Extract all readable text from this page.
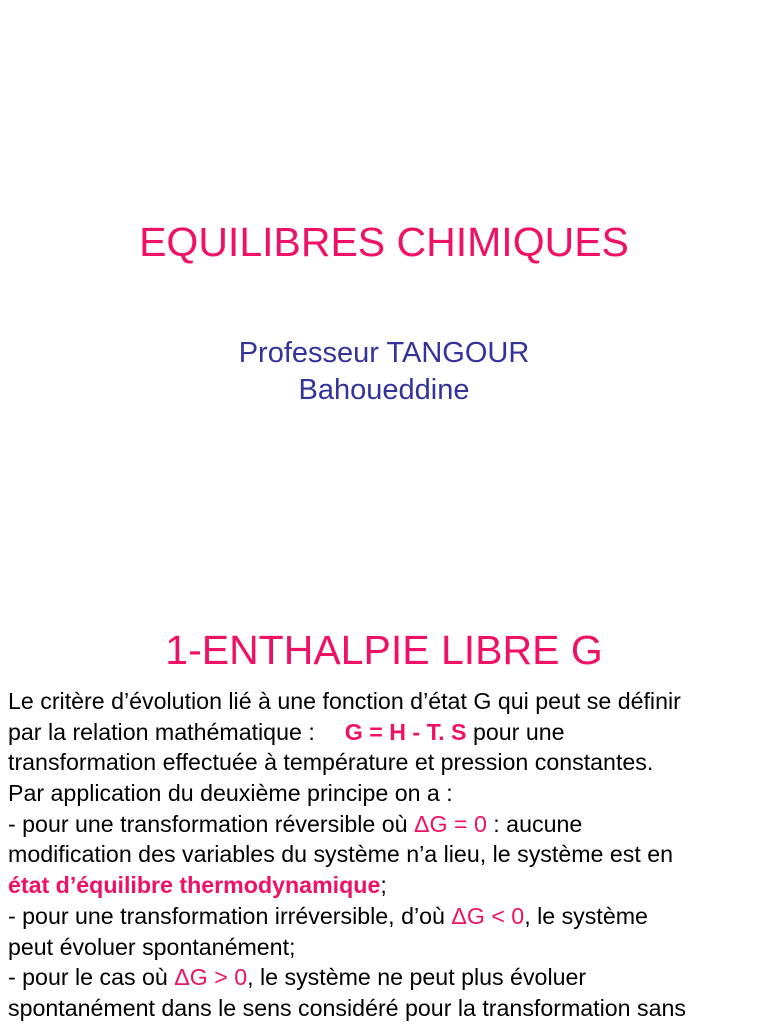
EQUILIBRES CHIMIQUES
Professeur TANGOUR
Bahoueddine
1-ENTHALPIE LIBRE G
Le critère d’évolution lié à une fonction d’état G qui peut se définir
par la relation mathématique : G = H - T. S pour une
transformation effectuée à température et pression constantes.
Par application du deuxième principe on a :
- pour une transformation réversible où ΔG = 0 : aucune
modification des variables du système n’a lieu, le système est en
état d’équilibre thermodynamique;
- pour une transformation irréversible, d’où ΔG < 0, le système
peut évoluer spontanément;
- pour le cas où ΔG > 0, le système ne peut plus évoluer
spontanément dans le sens considéré pour la transformation sans
